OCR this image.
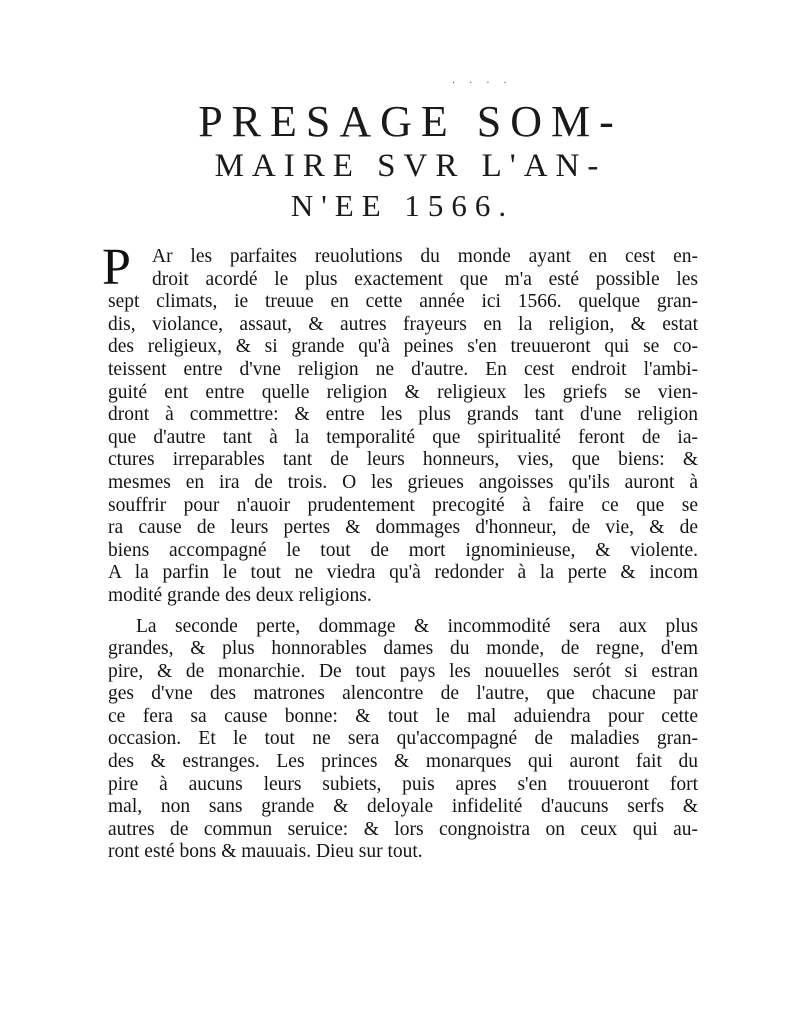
····
PRESAGE SOM-
MAIRE SVR L'AN-
N'EE 1566.
P	Ar les parfaites reuolutions du monde ayant en cest en-
droit acordé le plus exactement que m'a esté possible les
sept climats, ie treuue en cette année ici 1566. quelque gran-
dis, violance, assaut, & autres frayeurs en la religion, & estat
des religieux, & si grande qu'à peines s'en treuueront qui se co-
teissent entre d'vne religion ne d'autre. En cest endroit l'ambi-
guité ent entre quelle religion & religieux les griefs se vien-
dront à commettre: & entre les plus grands tant d'une religion
que d'autre tant à la temporalité que spiritualité feront de ia-
ctures irreparables tant de leurs honneurs, vies, que biens: &
mesmes en ira de trois. O les grieues angoisses qu'ils auront à
souffrir pour n'auoir prudentement precogité à faire ce que se
ra cause de leurs pertes & dommages d'honneur, de vie, & de
biens accompagné le tout de mort ignominieuse, & violente.
A la parfin le tout ne viedra qu'à redonder à la perte & incom
modité grande des deux religions.
La seconde perte, dommage & incommodité sera aux plus
grandes, & plus honnorables dames du monde, de regne, d'em
pire, & de monarchie. De tout pays les nouuelles serót si estran
ges d'vne des matrones alencontre de l'autre, que chacune par
ce fera sa cause bonne: & tout le mal aduiendra pour cette
occasion. Et le tout ne sera qu'accompagné de maladies gran-
des & estranges. Les princes & monarques qui auront fait du
pire à aucuns leurs subiets, puis apres s'en trouueront fort
mal, non sans grande & deloyale infidelité d'aucuns serfs &
autres de commun seruice: & lors congnoistra on ceux qui au-
ront esté bons & mauuais. Dieu sur tout.
